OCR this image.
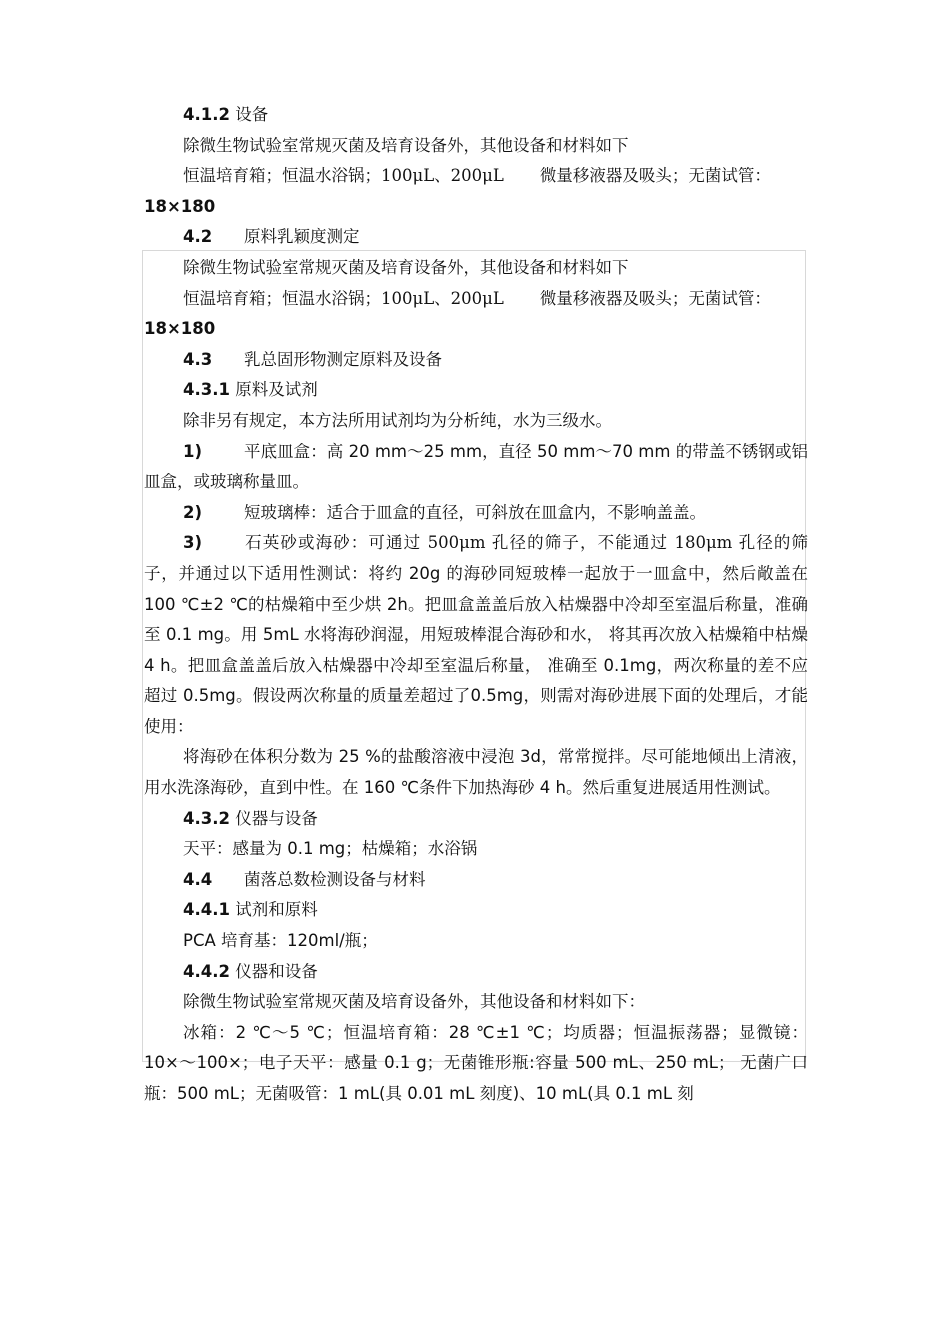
4.1.2 设备

除微生物试验室常规灭菌及培育设备外，其他设备和材料如下

恒温培育箱；恒温水浴锅；100μL、200μL 微量移液器及吸头；无菌试管：
18×180

4.2 原料乳颖度测定

除微生物试验室常规灭菌及培育设备外，其他设备和材料如下

恒温培育箱；恒温水浴锅；100μL、200μL 微量移液器及吸头；无菌试管：
18×180

4.3 乳总固形物测定原料及设备

4.3.1 原料及试剂

除非另有规定，本方法所用试剂均为分析纯，水为三级水。

1)	平底皿盒：高 20 mm～25 mm，直径 50 mm～70 mm 的带盖不锈钢或铝皿盒，或玻璃称量皿。

2)	短玻璃棒：适合于皿盒的直径，可斜放在皿盒内，不影响盖盖。

3)	石英砂或海砂：可通过 500μm 孔径的筛子，不能通过 180μm 孔径的筛子，并通过以下适用性测试：将约 20g 的海砂同短玻棒一起放于一皿盒中，然后敞盖在 100 ℃±2 ℃的枯燥箱中至少烘 2h。把皿盒盖盖后放入枯燥器中冷却至室温后称量，准确至 0.1 mg。用 5mL 水将海砂润湿，用短玻棒混合海砂和水， 将其再次放入枯燥箱中枯燥 4 h。把皿盒盖盖后放入枯燥器中冷却至室温后称量， 准确至 0.1mg，两次称量的差不应超过 0.5mg。假设两次称量的质量差超过了0.5mg，则需对海砂进展下面的处理后，才能使用：

将海砂在体积分数为 25 %的盐酸溶液中浸泡 3d，常常搅拌。尽可能地倾出上清液，用水洗涤海砂，直到中性。在 160 ℃条件下加热海砂 4 h。然后重复进展适用性测试。

4.3.2 仪器与设备

天平：感量为 0.1 mg；枯燥箱；水浴锅

4.4 菌落总数检测设备与材料

4.4.1 试剂和原料

PCA 培育基：120ml/瓶；

4.4.2 仪器和设备

除微生物试验室常规灭菌及培育设备外，其他设备和材料如下：

冰箱：2 ℃～5 ℃；恒温培育箱：28 ℃±1 ℃；均质器；恒温振荡器；显微镜： 10×～100×；电子天平：感量 0.1 g；无菌锥形瓶:容量 500 mL、250 mL； 无菌广口瓶：500 mL；无菌吸管：1 mL(具 0.01 mL 刻度)、10 mL(具 0.1 mL 刻
